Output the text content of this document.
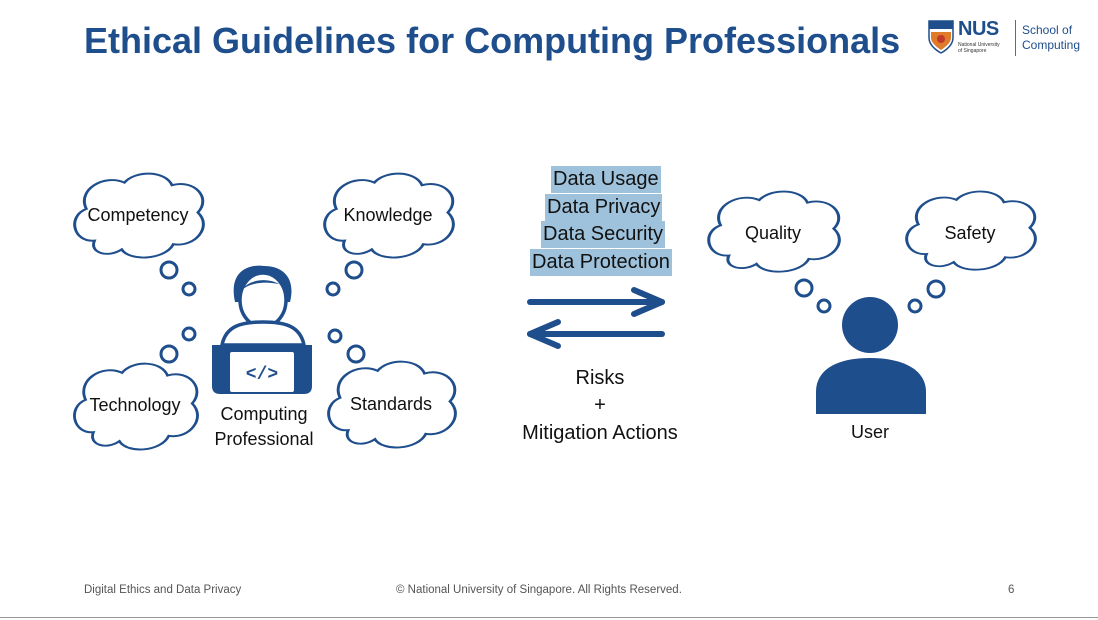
Ethical Guidelines for Computing Professionals	NUS
National University
of Singapore
School of
Computing
</>
Competency	Knowledge
Technology	Standards
Quality	Safety
Computing
Professional	User
Data Usage
Data Privacy
Data Security
Data Protection
Risks
+
Mitigation Actions
Digital Ethics and Data Privacy	© National University of Singapore. All Rights Reserved.	6
